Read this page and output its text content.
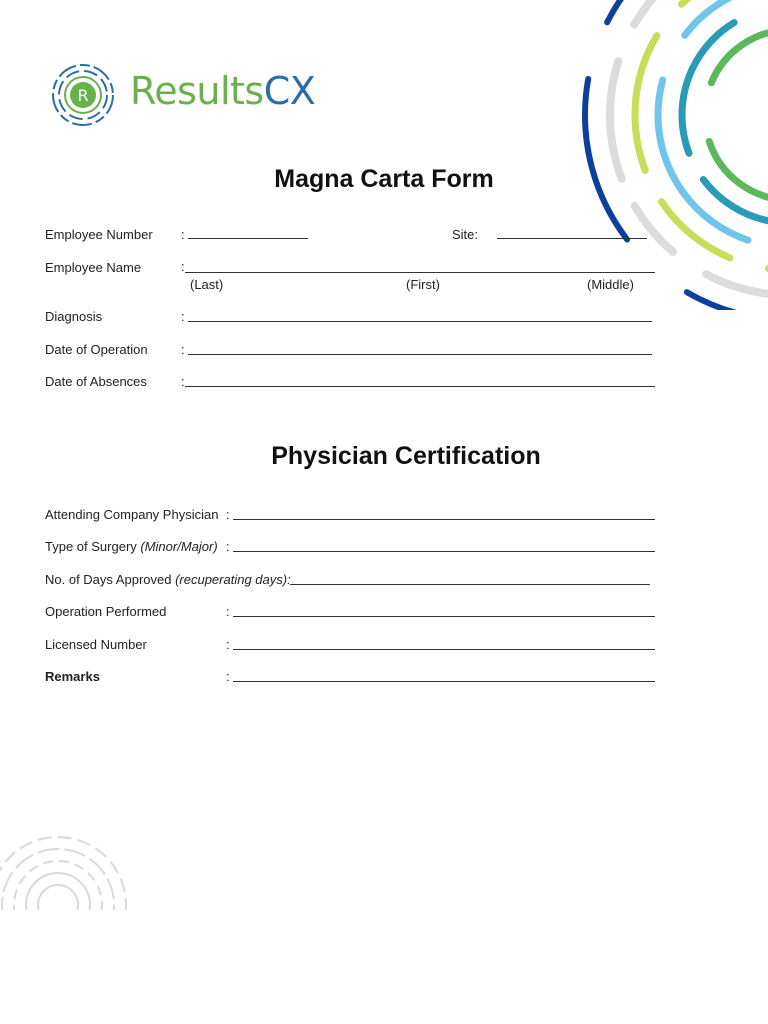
R ResultsCX
Magna Carta Form
Employee Number :	Site:
Employee Name	:
(Last)	(First)	(Middle)
Diagnosis	:
Date of Operation	:
Date of Absences	:
Physician Certification
Attending Company Physician :
Type of Surgery (Minor/Major) :
No. of Days Approved (recuperating days):
Operation Performed	:
Licensed Number	:
Remarks	:
